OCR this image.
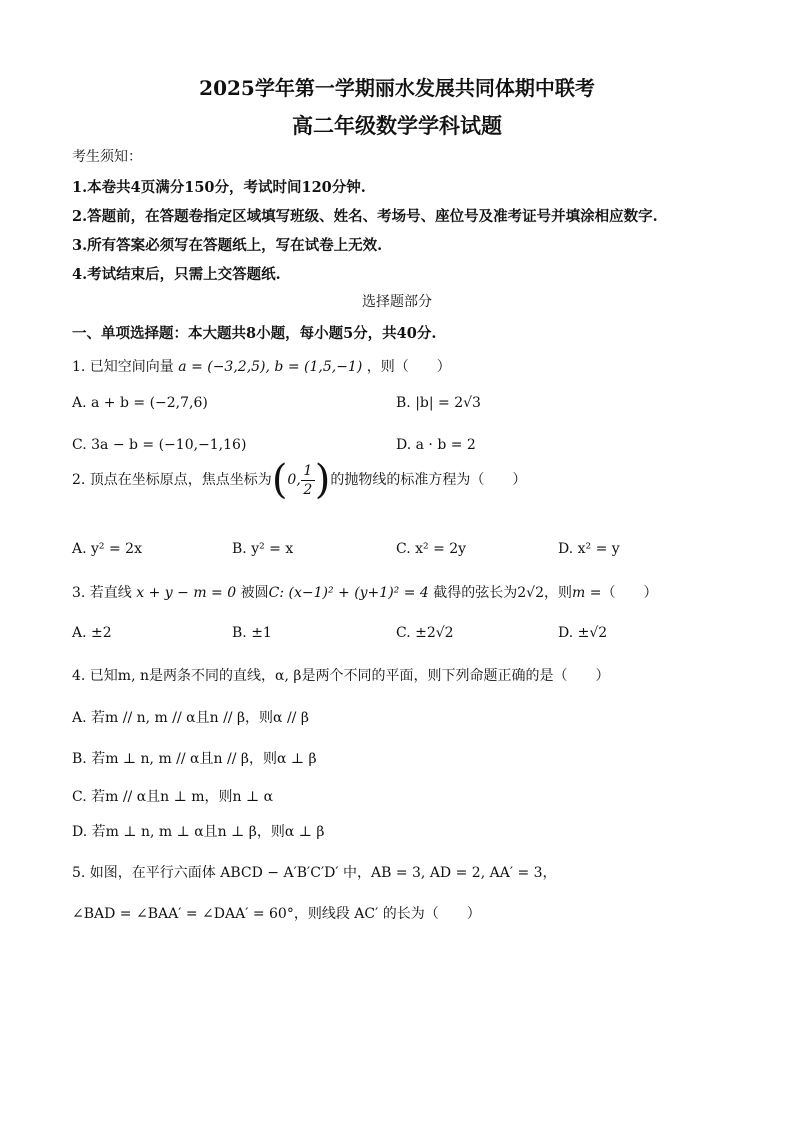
2025学年第一学期丽水发展共同体期中联考
高二年级数学学科试题
考生须知：
1.本卷共4页满分150分，考试时间120分钟.
2.答题前，在答题卷指定区域填写班级、姓名、考场号、座位号及准考证号并填涂相应数字.
3.所有答案必须写在答题纸上，写在试卷上无效.
4.考试结束后，只需上交答题纸.
选择题部分
一、单项选择题：本大题共8小题，每小题5分，共40分.
1. 已知空间向量 a = (−3,2,5), b = (1,5,−1) ，则（　　）
A. a + b = (−2,7,6)	B. |b| = 2√3
C. 3a − b = (−10,−1,16)	D. a · b = 2
2. 顶点在坐标原点，焦点坐标为$(0,\frac{1}{2})$的抛物线的标准方程为（　　）
A. y² = 2x	B. y² = x	C. x² = 2y	D. x² = y
3. 若直线 x + y − m = 0 被圆C: (x−1)² + (y+1)² = 4 截得的弦长为2√2，则m =（　　）
A. ±2	B. ±1	C. ±2√2	D. ±√2
4. 已知m, n是两条不同的直线，α, β是两个不同的平面，则下列命题正确的是（　　）
A. 若m // n, m // α且n // β，则α // β
B. 若m ⊥ n, m // α且n // β，则α ⊥ β
C. 若m // α且n ⊥ m，则n ⊥ α
D. 若m ⊥ n, m ⊥ α且n ⊥ β，则α ⊥ β
5. 如图，在平行六面体 ABCD − A′B′C′D′ 中，AB = 3, AD = 2, AA′ = 3，
∠BAD = ∠BAA′ = ∠DAA′ = 60°，则线段 AC′ 的长为（　　）
